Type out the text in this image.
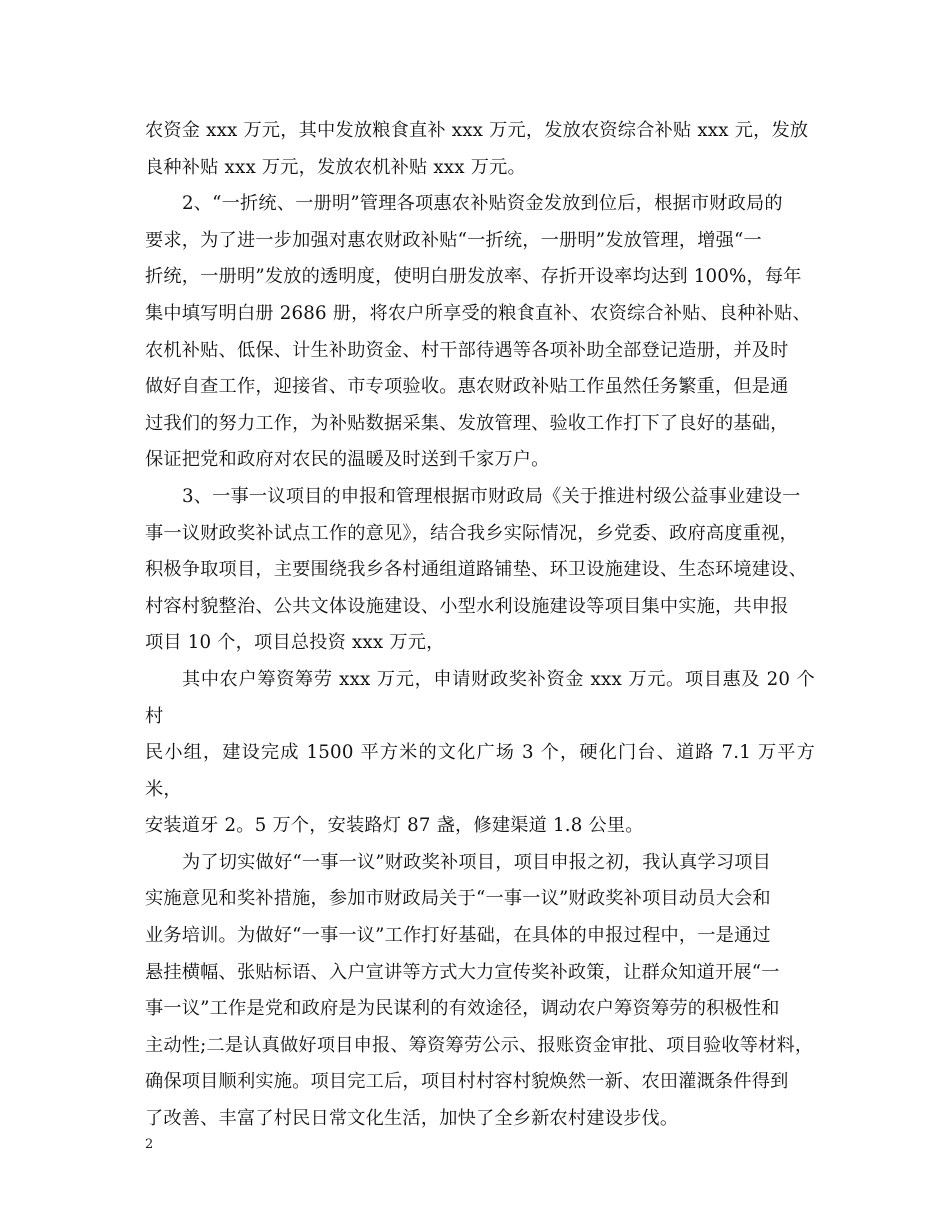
农资金 xxx 万元，其中发放粮食直补 xxx 万元，发放农资综合补贴 xxx 元，发放
良种补贴 xxx 万元，发放农机补贴 xxx 万元。

2、“一折统、一册明”管理各项惠农补贴资金发放到位后，根据市财政局的
要求，为了进一步加强对惠农财政补贴“一折统，一册明”发放管理，增强“一
折统，一册明”发放的透明度，使明白册发放率、存折开设率均达到 100%，每年
集中填写明白册 2686 册，将农户所享受的粮食直补、农资综合补贴、良种补贴、
农机补贴、低保、计生补助资金、村干部待遇等各项补助全部登记造册，并及时
做好自查工作，迎接省、市专项验收。惠农财政补贴工作虽然任务繁重，但是通
过我们的努力工作，为补贴数据采集、发放管理、验收工作打下了良好的基础，
保证把党和政府对农民的温暖及时送到千家万户。

3、一事一议项目的申报和管理根据市财政局《关于推进村级公益事业建设一
事一议财政奖补试点工作的意见》，结合我乡实际情况，乡党委、政府高度重视，
积极争取项目，主要围绕我乡各村通组道路铺垫、环卫设施建设、生态环境建设、
村容村貌整治、公共文体设施建设、小型水利设施建设等项目集中实施，共申报
项目 10 个，项目总投资 xxx 万元，

其中农户筹资筹劳 xxx 万元，申请财政奖补资金 xxx 万元。项目惠及 20 个村
民小组，建设完成 1500 平方米的文化广场 3 个，硬化门台、道路 7.1 万平方米，
安装道牙 2。5 万个，安装路灯 87 盏，修建渠道 1.8 公里。

为了切实做好“一事一议”财政奖补项目，项目申报之初，我认真学习项目
实施意见和奖补措施，参加市财政局关于“一事一议”财政奖补项目动员大会和
业务培训。为做好“一事一议”工作打好基础，在具体的申报过程中，一是通过
悬挂横幅、张贴标语、入户宣讲等方式大力宣传奖补政策，让群众知道开展“一
事一议”工作是党和政府是为民谋利的有效途径，调动农户筹资筹劳的积极性和
主动性;二是认真做好项目申报、筹资筹劳公示、报账资金审批、项目验收等材料，
确保项目顺利实施。项目完工后，项目村村容村貌焕然一新、农田灌溉条件得到
了改善、丰富了村民日常文化生活，加快了全乡新农村建设步伐。

2
